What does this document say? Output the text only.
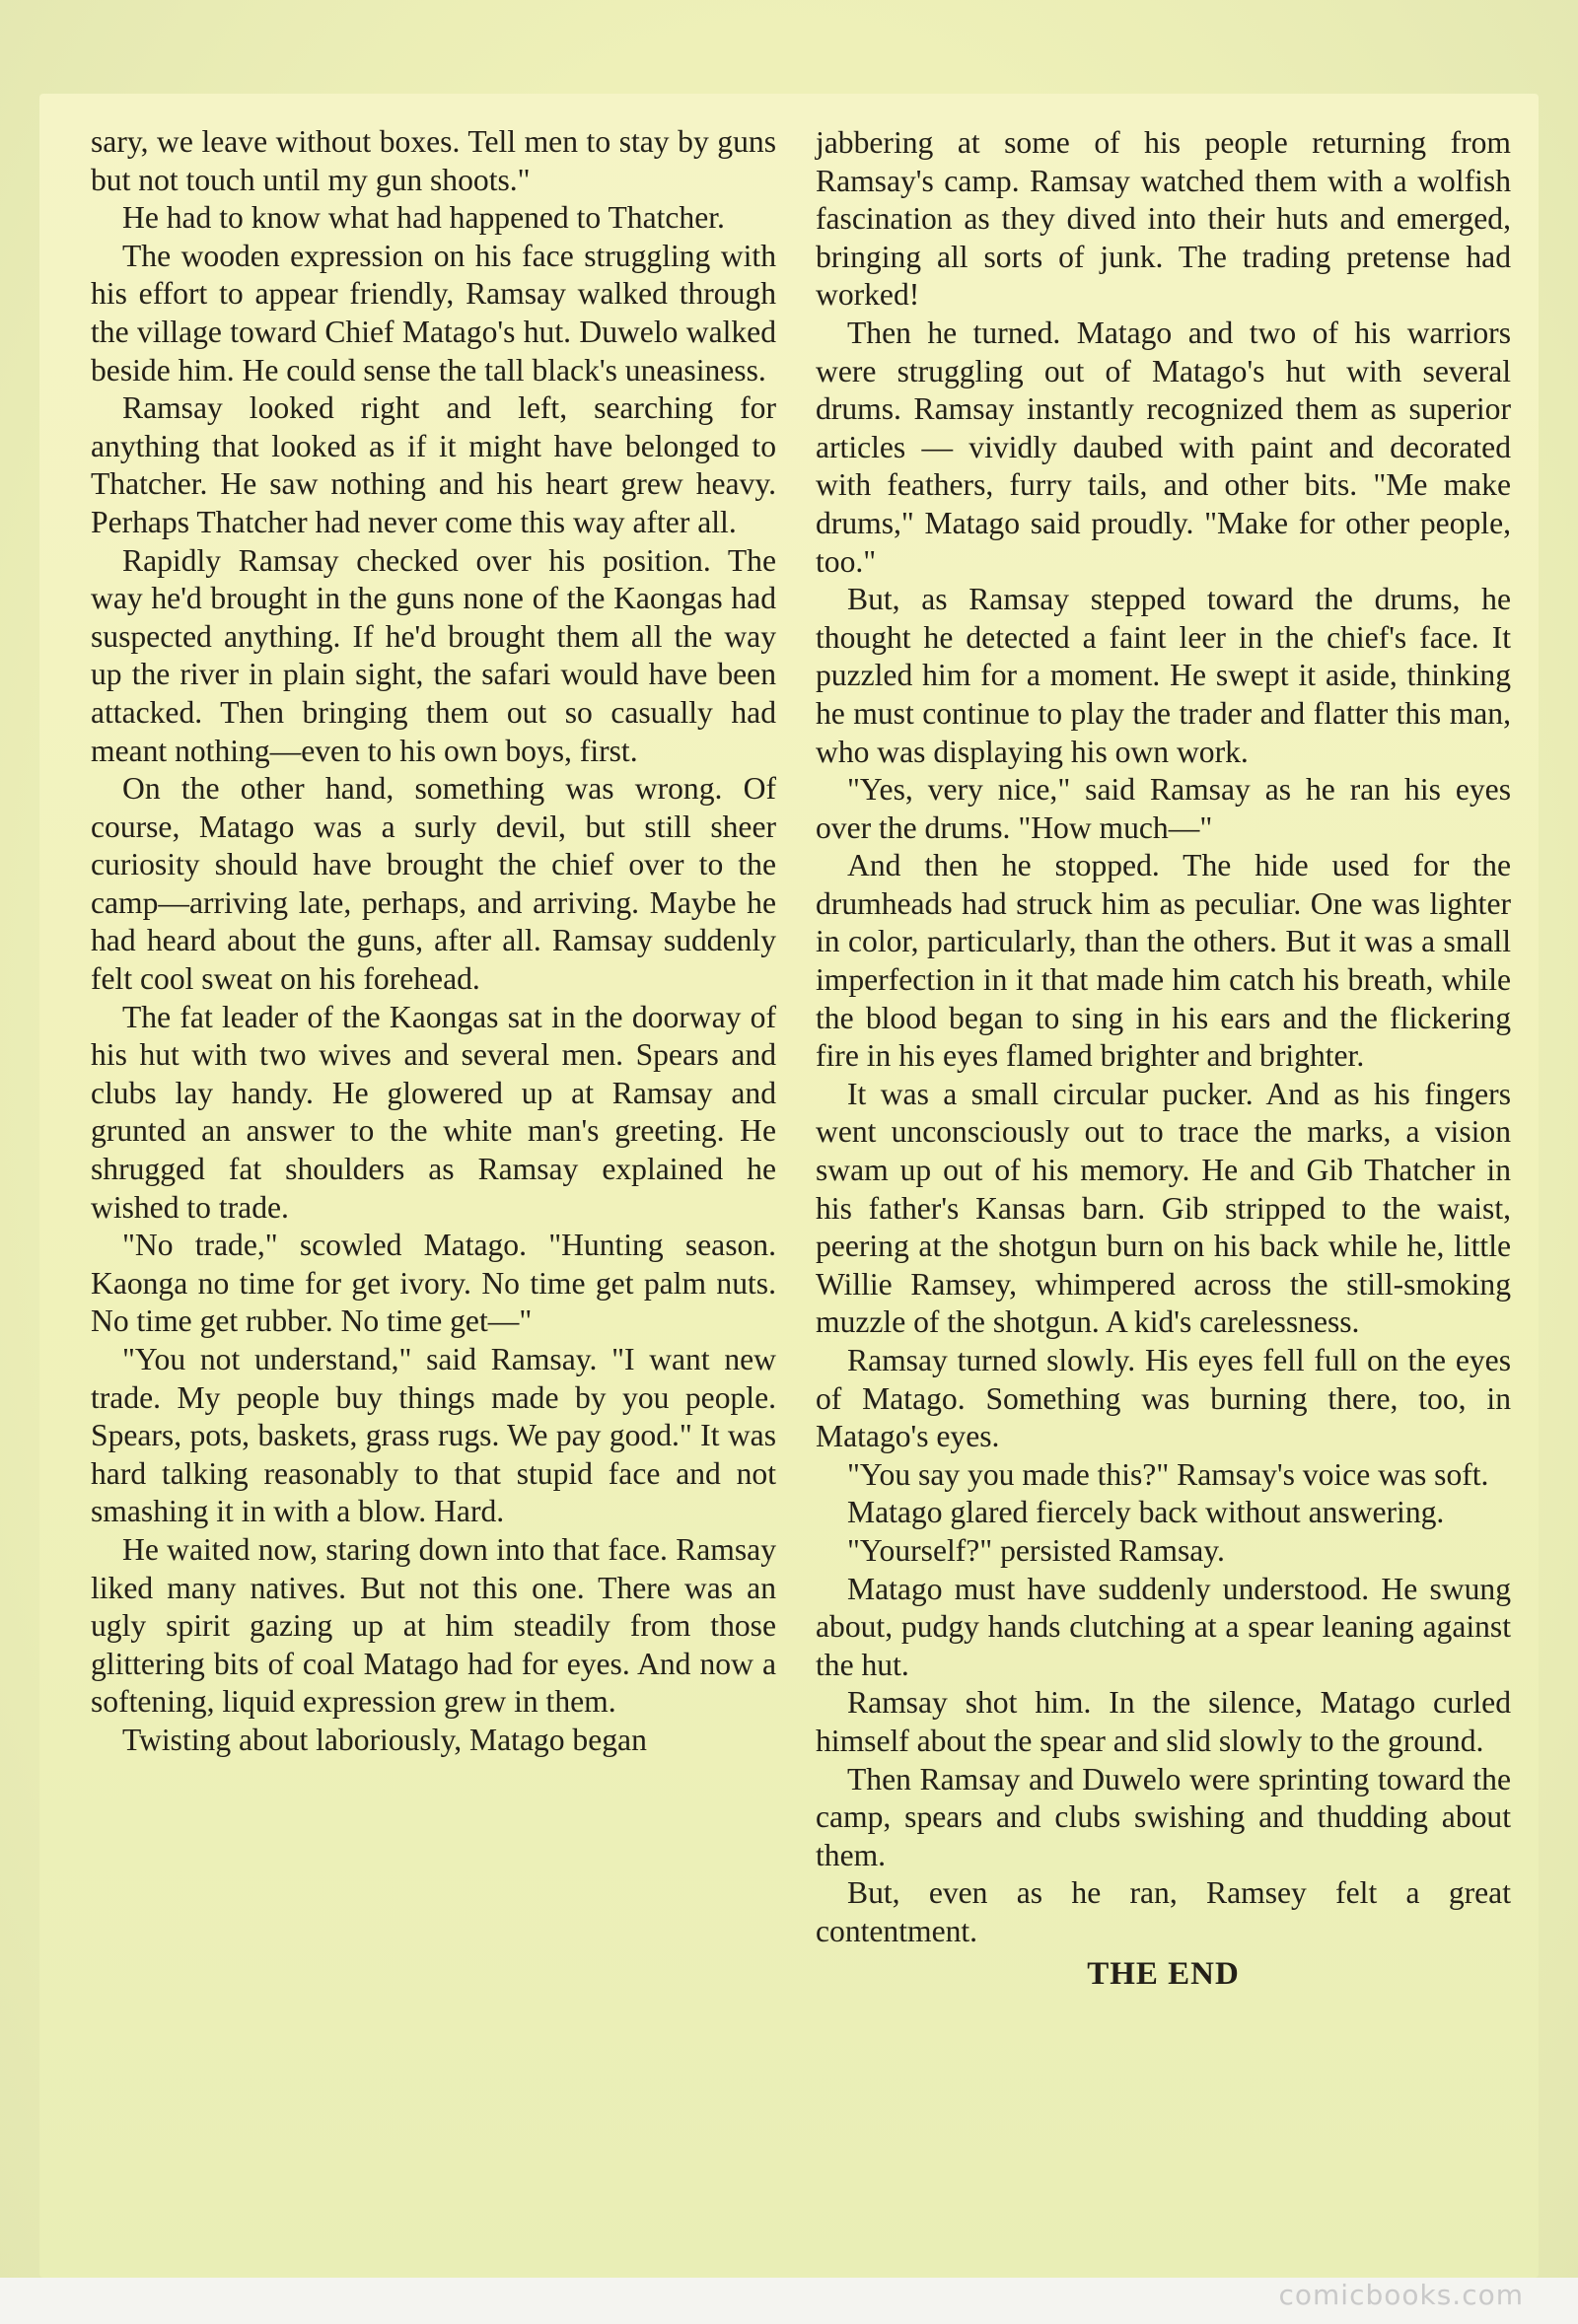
sary, we leave without boxes. Tell men to stay by guns but not touch until my gun shoots."

He had to know what had happened to Thatcher.

The wooden expression on his face struggling with his effort to appear friendly, Ramsay walked through the village toward Chief Matago's hut. Duwelo walked beside him. He could sense the tall black's uneasiness.

Ramsay looked right and left, searching for anything that looked as if it might have belonged to Thatcher. He saw nothing and his heart grew heavy. Perhaps Thatcher had never come this way after all.

Rapidly Ramsay checked over his position. The way he'd brought in the guns none of the Kaongas had suspected anything. If he'd brought them all the way up the river in plain sight, the safari would have been attacked. Then bringing them out so casually had meant nothing—even to his own boys, first.

On the other hand, something was wrong. Of course, Matago was a surly devil, but still sheer curiosity should have brought the chief over to the camp—arriving late, perhaps, and arriving. Maybe he had heard about the guns, after all. Ramsay suddenly felt cool sweat on his forehead.

The fat leader of the Kaongas sat in the doorway of his hut with two wives and several men. Spears and clubs lay handy. He glowered up at Ramsay and grunted an answer to the white man's greeting. He shrugged fat shoulders as Ramsay explained he wished to trade.

"No trade," scowled Matago. "Hunting season. Kaonga no time for get ivory. No time get palm nuts. No time get rubber. No time get—"

"You not understand," said Ramsay. "I want new trade. My people buy things made by you people. Spears, pots, baskets, grass rugs. We pay good." It was hard talking reasonably to that stupid face and not smashing it in with a blow. Hard.

He waited now, staring down into that face. Ramsay liked many natives. But not this one. There was an ugly spirit gazing up at him steadily from those glittering bits of coal Matago had for eyes. And now a softening, liquid expression grew in them.

Twisting about laboriously, Matago began

jabbering at some of his people returning from Ramsay's camp. Ramsay watched them with a wolfish fascination as they dived into their huts and emerged, bringing all sorts of junk. The trading pretense had worked!

Then he turned. Matago and two of his warriors were struggling out of Matago's hut with several drums. Ramsay instantly recognized them as superior articles — vividly daubed with paint and decorated with feathers, furry tails, and other bits. "Me make drums," Matago said proudly. "Make for other people, too."

But, as Ramsay stepped toward the drums, he thought he detected a faint leer in the chief's face. It puzzled him for a moment. He swept it aside, thinking he must continue to play the trader and flatter this man, who was displaying his own work.

"Yes, very nice," said Ramsay as he ran his eyes over the drums. "How much—"

And then he stopped. The hide used for the drumheads had struck him as peculiar. One was lighter in color, particularly, than the others. But it was a small imperfection in it that made him catch his breath, while the blood began to sing in his ears and the flickering fire in his eyes flamed brighter and brighter.

It was a small circular pucker. And as his fingers went unconsciously out to trace the marks, a vision swam up out of his memory. He and Gib Thatcher in his father's Kansas barn. Gib stripped to the waist, peering at the shotgun burn on his back while he, little Willie Ramsey, whimpered across the still-smoking muzzle of the shotgun. A kid's carelessness.

Ramsay turned slowly. His eyes fell full on the eyes of Matago. Something was burning there, too, in Matago's eyes.

"You say you made this?" Ramsay's voice was soft.

Matago glared fiercely back without answering.

"Yourself?" persisted Ramsay.

Matago must have suddenly understood. He swung about, pudgy hands clutching at a spear leaning against the hut.

Ramsay shot him. In the silence, Matago curled himself about the spear and slid slowly to the ground.

Then Ramsay and Duwelo were sprinting toward the camp, spears and clubs swishing and thudding about them.

But, even as he ran, Ramsey felt a great contentment.

THE END
comicbooks.com
